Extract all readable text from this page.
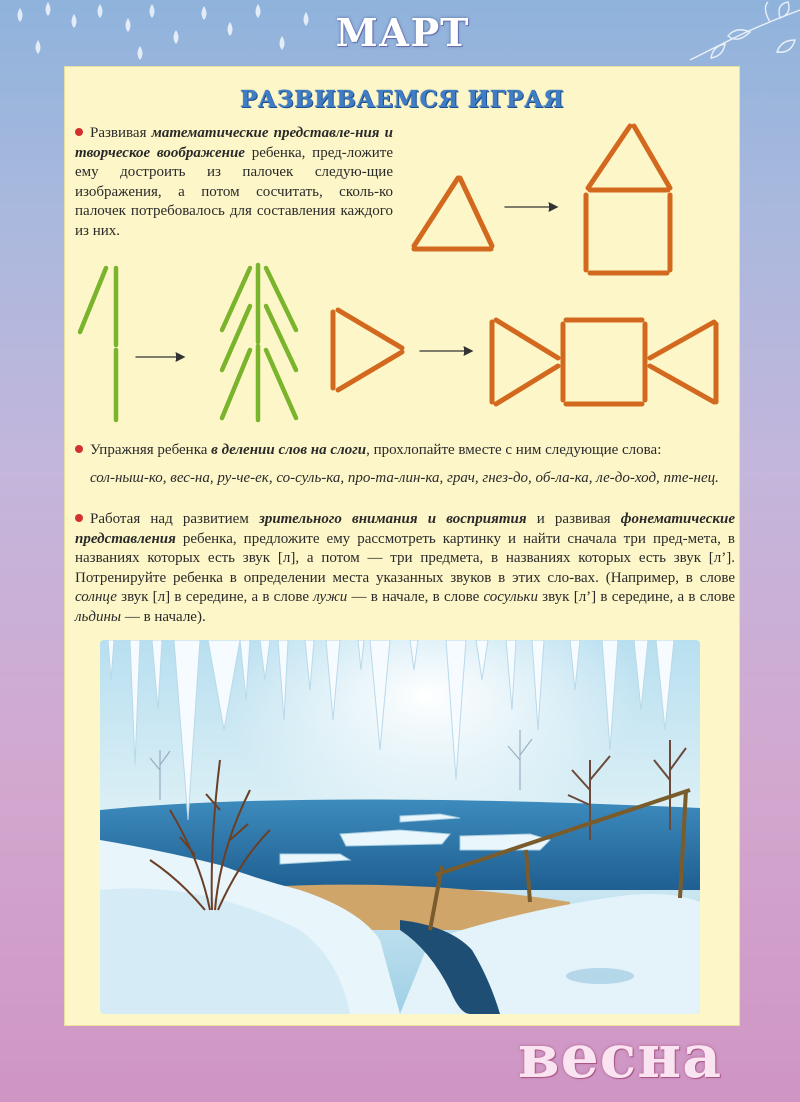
МАРТ
РАЗВИВАЕМСЯ ИГРАЯ
Развивая математические представле-ния и творческое воображение ребенка, пред-ложите ему достроить из палочек следую-щие изображения, а потом сосчитать, сколь-ко палочек потребовалось для составления каждого из них.
Упражняя ребенка в делении слов на слоги, прохлопайте вместе с ним следующие слова:
сол-ныш-ко, вес-на, ру-че-ек, со-суль-ка, про-та-лин-ка, грач, гнез-до, об-ла-ка, ле-до-ход, пте-нец.
Работая над развитием зрительного внимания и восприятия и развивая фонематические представления ребенка, предложите ему рассмотреть картинку и найти сначала три пред-мета, в названиях которых есть звук [л], а потом — три предмета, в названиях которых есть звук [л’]. Потренируйте ребенка в определении места указанных звуков в этих сло-вах. (Например, в слове солнце звук [л] в середине, а в слове лужи — в начале, в слове сосульки звук [л’] в середине, а в слове льдины — в начале).
весна
